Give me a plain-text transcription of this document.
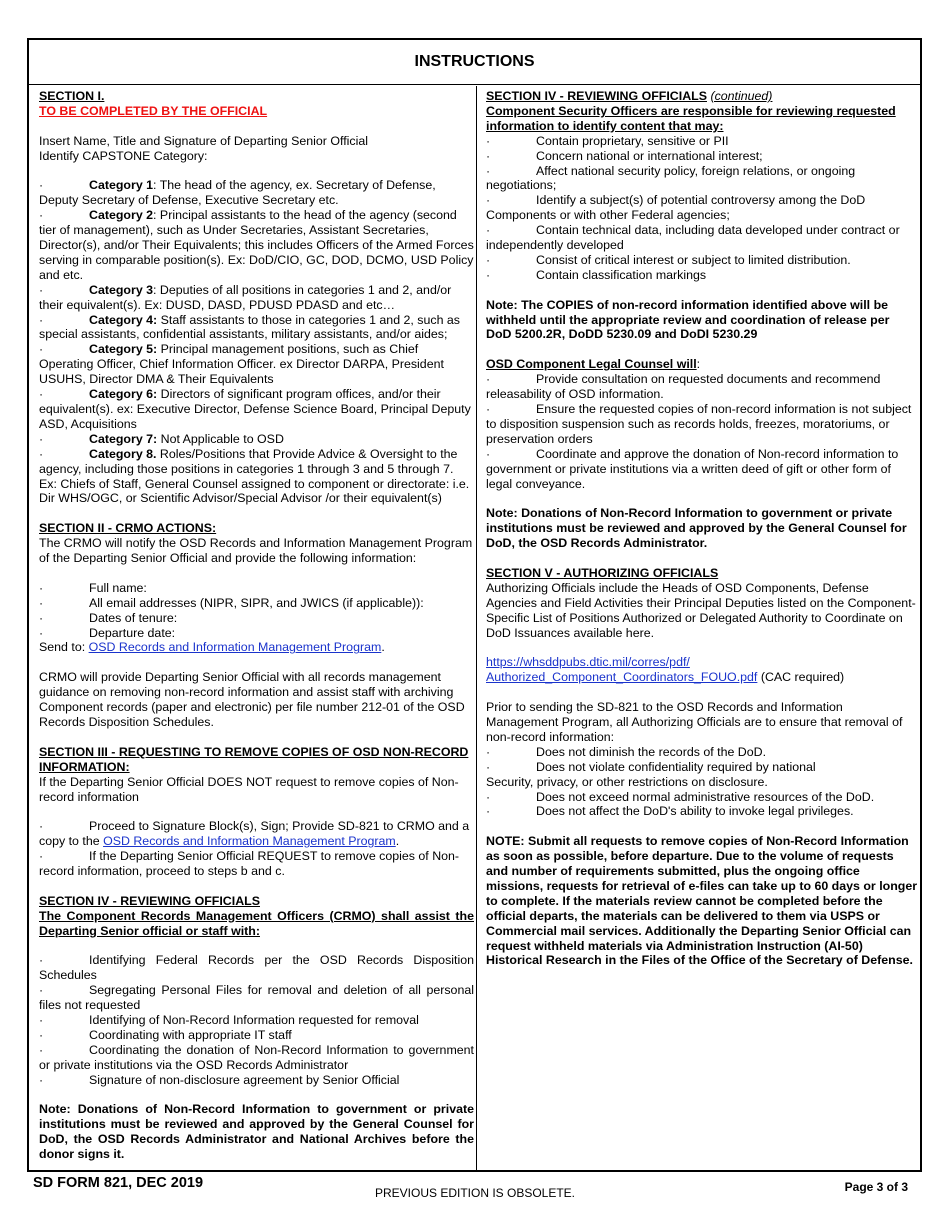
INSTRUCTIONS

SECTION I.

TO BE COMPLETED BY THE OFFICIAL

Insert Name, Title and Signature of Departing Senior Official

Identify CAPSTONE Category:

·	Category 1: The head of the agency, ex. Secretary of Defense, Deputy Secretary of Defense, Executive Secretary etc.

·	Category 2: Principal assistants to the head of the agency (second tier of management), such as Under Secretaries, Assistant Secretaries, Director(s), and/or Their Equivalents; this includes Officers of the Armed Forces serving in comparable position(s). Ex: DoD/CIO, GC, DOD, DCMO, USD Policy and etc.

·	Category 3: Deputies of all positions in categories 1 and 2, and/or their equivalent(s). Ex: DUSD, DASD, PDUSD PDASD and etc…

·	Category 4: Staff assistants to those in categories 1 and 2, such as special assistants, confidential assistants, military assistants, and/or aides;

·	Category 5: Principal management positions, such as Chief Operating Officer, Chief Information Officer. ex Director DARPA, President USUHS, Director DMA & Their Equivalents

·	Category 6: Directors of significant program offices, and/or their equivalent(s). ex: Executive Director, Defense Science Board, Principal Deputy ASD, Acquisitions

·	Category 7: Not Applicable to OSD

·	Category 8. Roles/Positions that Provide Advice & Oversight to the agency, including those positions in categories 1 through 3 and 5 through 7. Ex: Chiefs of Staff, General Counsel assigned to component or directorate: i.e. Dir WHS/OGC, or Scientific Advisor/Special Advisor /or their equivalent(s)

SECTION II - CRMO ACTIONS:

The CRMO will notify the OSD Records and Information Management Program of the Departing Senior Official and provide the following information:

·	Full name:

·	All email addresses (NIPR, SIPR, and JWICS (if applicable)):

·	Dates of tenure:

·	Departure date:

Send to: OSD Records and Information Management Program.

CRMO will provide Departing Senior Official with all records management guidance on removing non-record information and assist staff with archiving Component records (paper and electronic) per file number 212-01 of the OSD Records Disposition Schedules.

SECTION III - REQUESTING TO REMOVE COPIES OF OSD NON-RECORD INFORMATION:

If the Departing Senior Official DOES NOT request to remove copies of Non-record information

·	Proceed to Signature Block(s), Sign; Provide SD-821 to CRMO and a copy to the OSD Records and Information Management Program.

·	If the Departing Senior Official REQUEST to remove copies of Non-record information, proceed to steps b and c.

SECTION IV - REVIEWING OFFICIALS

The Component Records Management Officers (CRMO) shall assist the Departing Senior official or staff with:

·	Identifying Federal Records per the OSD Records Disposition Schedules

·	Segregating Personal Files for removal and deletion of all personal files not requested

·	Identifying of Non-Record Information requested for removal

·	Coordinating with appropriate IT staff

·	Coordinating the donation of Non-Record Information to government or private institutions via the OSD Records Administrator

·	Signature of non-disclosure agreement by Senior Official

Note: Donations of Non-Record Information to government or private institutions must be reviewed and approved by the General Counsel for DoD, the OSD Records Administrator and National Archives before the donor signs it.

SECTION IV - REVIEWING OFFICIALS (continued)

Component Security Officers are responsible for reviewing requested information to identify content that may:

·	Contain proprietary, sensitive or PII

·	Concern national or international interest;

·	Affect national security policy, foreign relations, or ongoing negotiations;

·	Identify a subject(s) of potential controversy among the DoD Components or with other Federal agencies;

·	Contain technical data, including data developed under contract or independently developed

·	Consist of critical interest or subject to limited distribution.

·	Contain classification markings

Note: The COPIES of non-record information identified above will be withheld until the appropriate review and coordination of release per DoD 5200.2R, DoDD 5230.09 and DoDI 5230.29

OSD Component Legal Counsel will:

·	Provide consultation on requested documents and recommend releasability of OSD information.

·	Ensure the requested copies of non-record information is not subject to disposition suspension such as records holds, freezes, moratoriums, or preservation orders

·	Coordinate and approve the donation of Non-record information to government or private institutions via a written deed of gift or other form of legal conveyance.

Note: Donations of Non-Record Information to government or private institutions must be reviewed and approved by the General Counsel for DoD, the OSD Records Administrator.

SECTION V - AUTHORIZING OFFICIALS

Authorizing Officials include the Heads of OSD Components, Defense Agencies and Field Activities their Principal Deputies listed on the Component-Specific List of Positions Authorized or Delegated Authority to Coordinate on DoD Issuances available here.

https://whsddpubs.dtic.mil/corres/pdf/

Authorized_Component_Coordinators_FOUO.pdf (CAC required)

Prior to sending the SD-821 to the OSD Records and Information Management Program, all Authorizing Officials are to ensure that removal of non-record information:

·	Does not diminish the records of the DoD.

·	Does not violate confidentiality required by national

Security, privacy, or other restrictions on disclosure.

·	Does not exceed normal administrative resources of the DoD.

·	Does not affect the DoD's ability to invoke legal privileges.

NOTE: Submit all requests to remove copies of Non-Record Information as soon as possible, before departure. Due to the volume of requests and number of requirements submitted, plus the ongoing office missions, requests for retrieval of e-files can take up to 60 days or longer to complete. If the materials review cannot be completed before the official departs, the materials can be delivered to them via USPS or Commercial mail services. Additionally the Departing Senior Official can request withheld materials via Administration Instruction (AI-50) Historical Research in the Files of the Office of the Secretary of Defense.

SD FORM 821, DEC 2019
PREVIOUS EDITION IS OBSOLETE.	Page 3 of 3
